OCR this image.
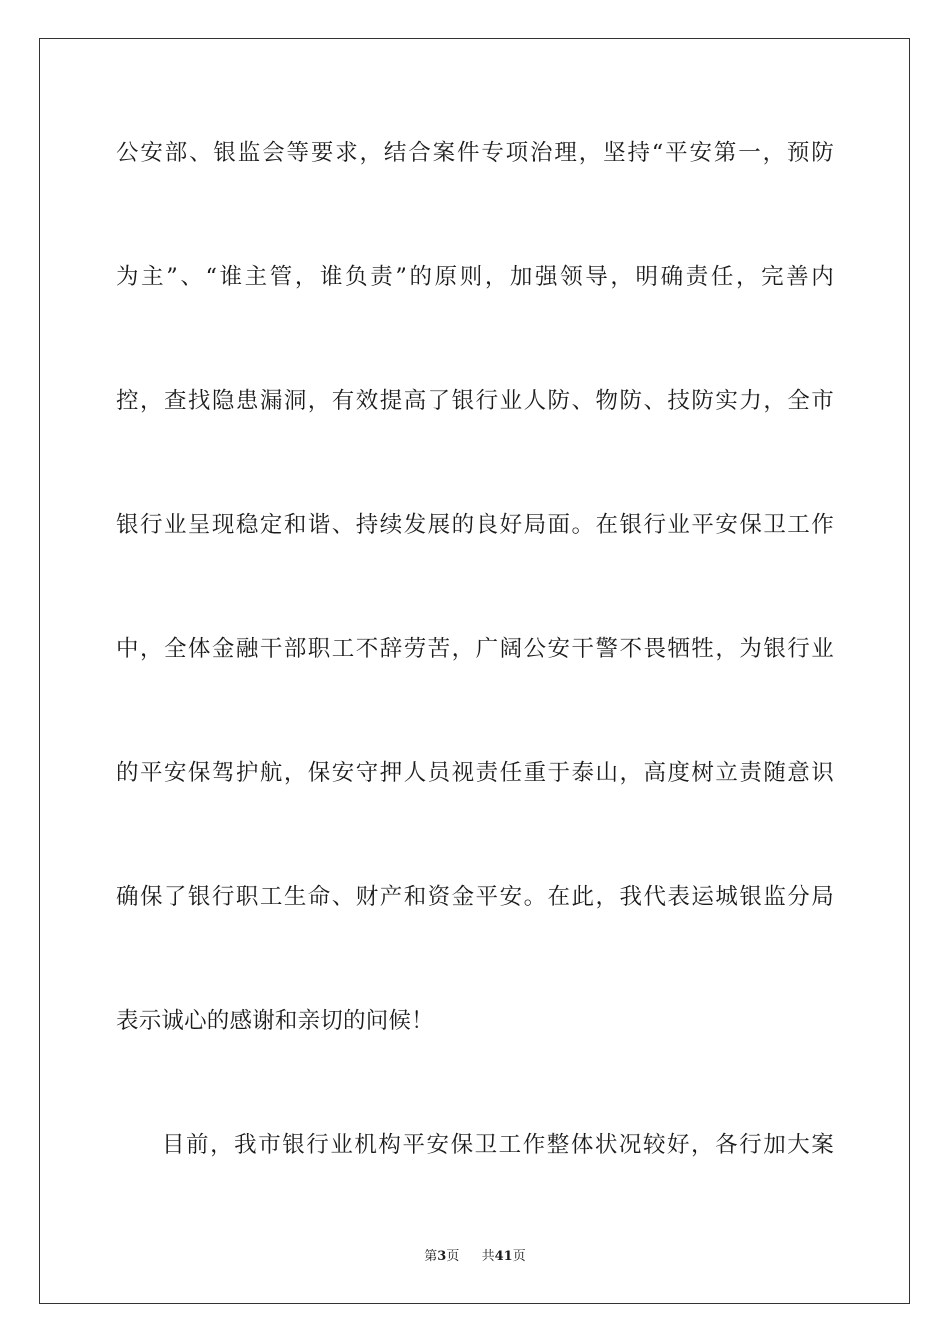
公安部、银监会等要求，结合案件专项治理，坚持“平安第一，预防
为主”、“谁主管，谁负责”的原则，加强领导，明确责任，完善内
控，查找隐患漏洞，有效提高了银行业人防、物防、技防实力，全市
银行业呈现稳定和谐、持续发展的良好局面。在银行业平安保卫工作
中，全体金融干部职工不辞劳苦，广阔公安干警不畏牺牲，为银行业
的平安保驾护航，保安守押人员视责任重于泰山，高度树立责随意识
确保了银行职工生命、财产和资金平安。在此，我代表运城银监分局
表示诚心的感谢和亲切的问候！
目前，我市银行业机构平安保卫工作整体状况较好，各行加大案
第3页 共41页
